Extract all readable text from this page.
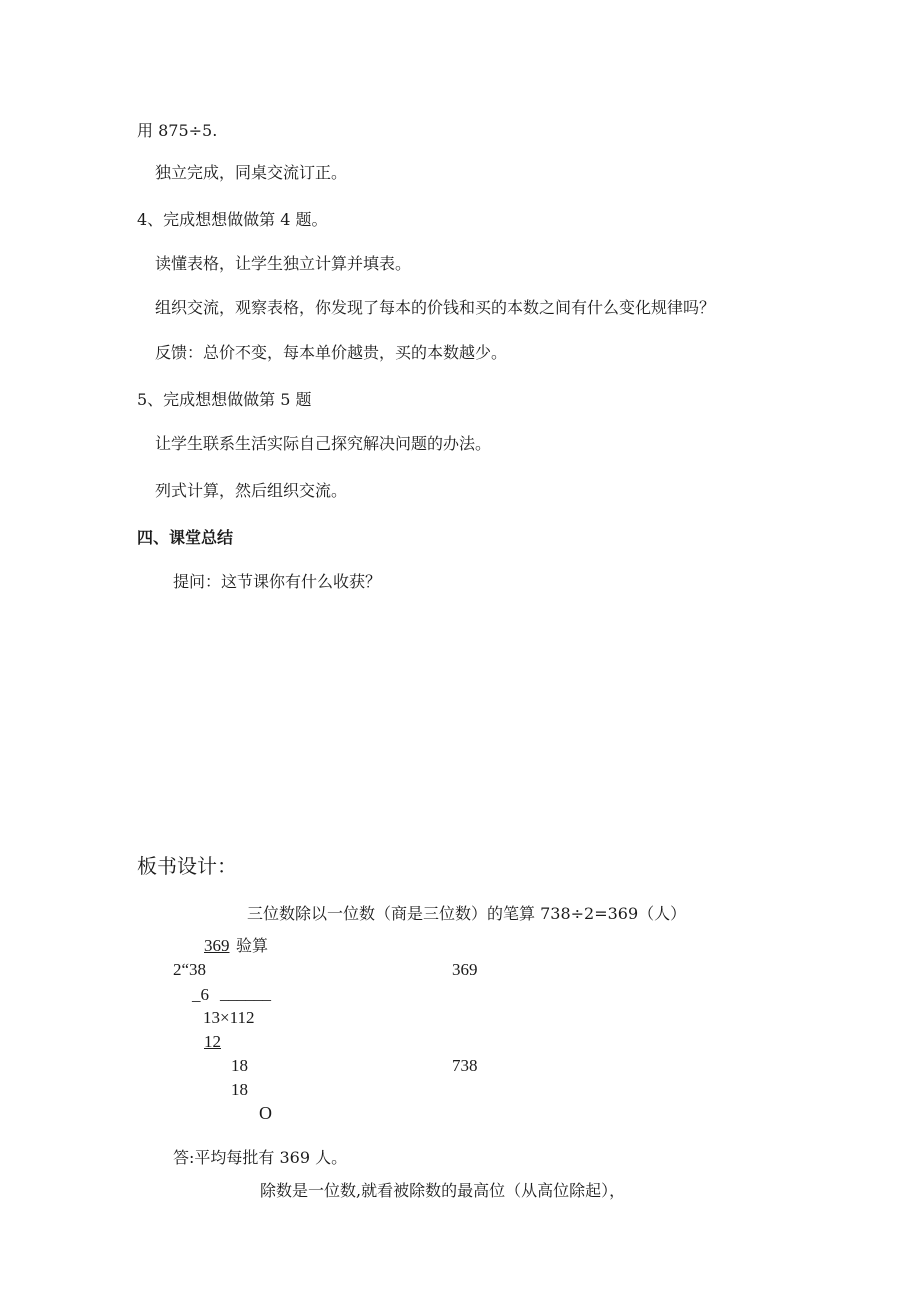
用 875÷5.
独立完成，同桌交流订正。
4、完成想想做做第 4 题。
读懂表格，让学生独立计算并填表。
组织交流，观察表格，你发现了每本的价钱和买的本数之间有什么变化规律吗？
反馈：总价不变，每本单价越贵，买的本数越少。
5、完成想想做做第 5 题
让学生联系生活实际自己探究解决问题的办法。
列式计算，然后组织交流。
四、课堂总结
提问：这节课你有什么收获？
板书设计：
三位数除以一位数（商是三位数）的笔算 738÷2=369（人）
369 验算
2“38	369
_6 ______
13×112
12
18	738
18
O
答:平均每批有 369 人。
除数是一位数,就看被除数的最高位（从高位除起），
